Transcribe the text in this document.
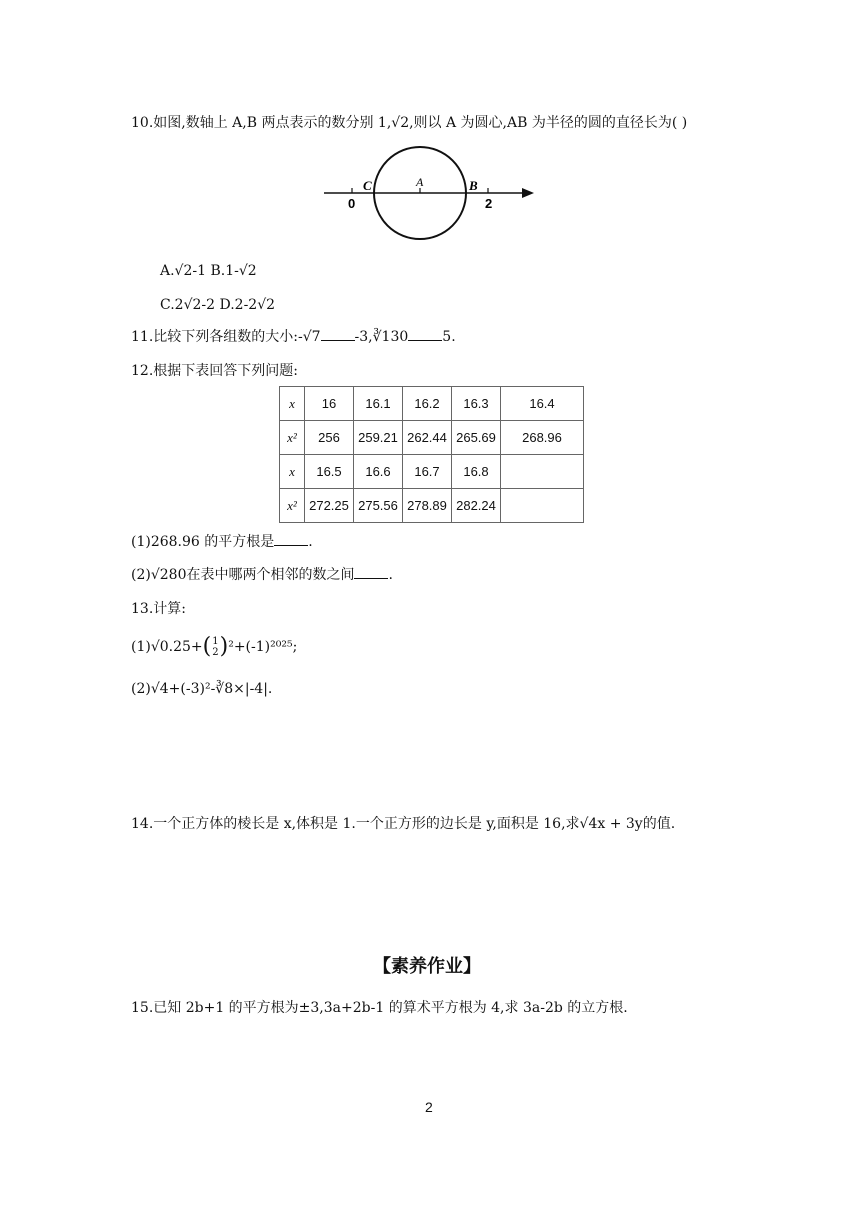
10.如图,数轴上 A,B 两点表示的数分别 1,√2,则以 A 为圆心,AB 为半径的圆的直径长为( )
C	A	B
0	2
A.√2-1 B.1-√2
C.2√2-2 D.2-2√2
11.比较下列各组数的大小:-√7 -3,∛130 5.
12.根据下表回答下列问题:
x	16	16.1	16.2	16.3	16.4
x²	256	259.21	262.44	265.69	268.96
x	16.5	16.6	16.7	16.8	
x²	272.25	275.56	278.89	282.24	
(1)268.96 的平方根是 .
(2)√280在表中哪两个相邻的数之间 .
13.计算:
(1)√0.25+( 1
2 )²+(-1)²⁰²⁵;
(2)√4+(-3)²-∛8×|-4|.
14.一个正方体的棱长是 x,体积是 1.一个正方形的边长是 y,面积是 16,求√4x + 3y的值.
【素养作业】
15.已知 2b+1 的平方根为±3,3a+2b-1 的算术平方根为 4,求 3a-2b 的立方根.
2
